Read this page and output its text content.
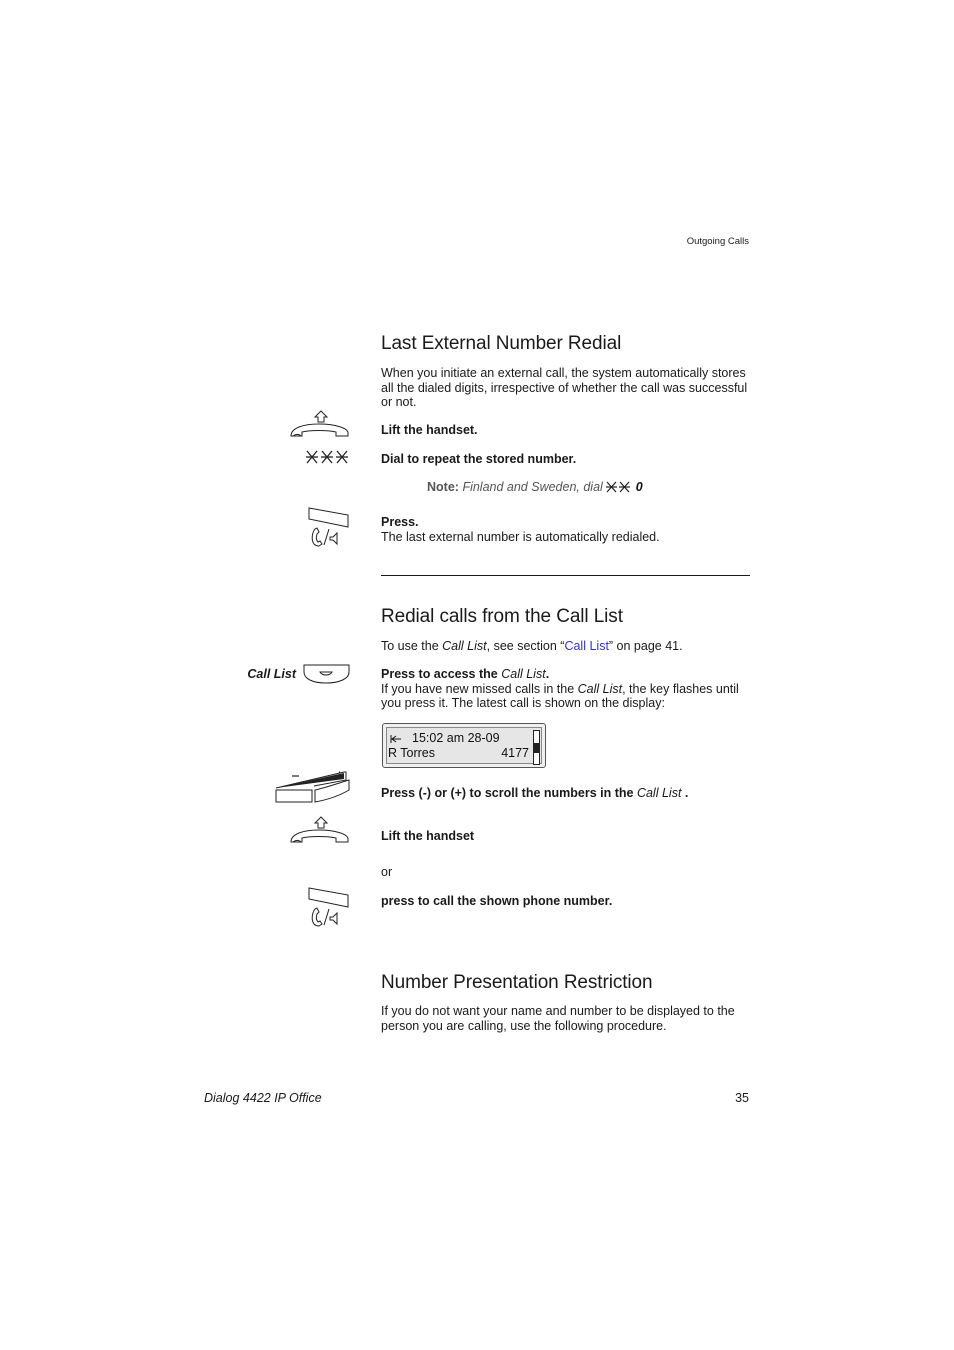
Outgoing Calls
Last External Number Redial
When you initiate an external call, the system automatically stores all the dialed digits, irrespective of whether the call was successful or not.
Lift the handset.
Dial to repeat the stored number.
Note: Finland and Sweden, dial	0
Press.
The last external number is automatically redialed.
Redial calls from the Call List
To use the Call List, see section “Call List” on page 41.
Call List	Press to access the Call List.
If you have new missed calls in the Call List, the key flashes until you press it. The latest call is shown on the display:
15:02 am 28-09
R Torres	4177
Press (-) or (+) to scroll the numbers in the Call List .
Lift the handset
or
press to call the shown phone number.
Number Presentation Restriction
If you do not want your name and number to be displayed to the person you are calling, use the following procedure.
Dialog 4422 IP Office	35
